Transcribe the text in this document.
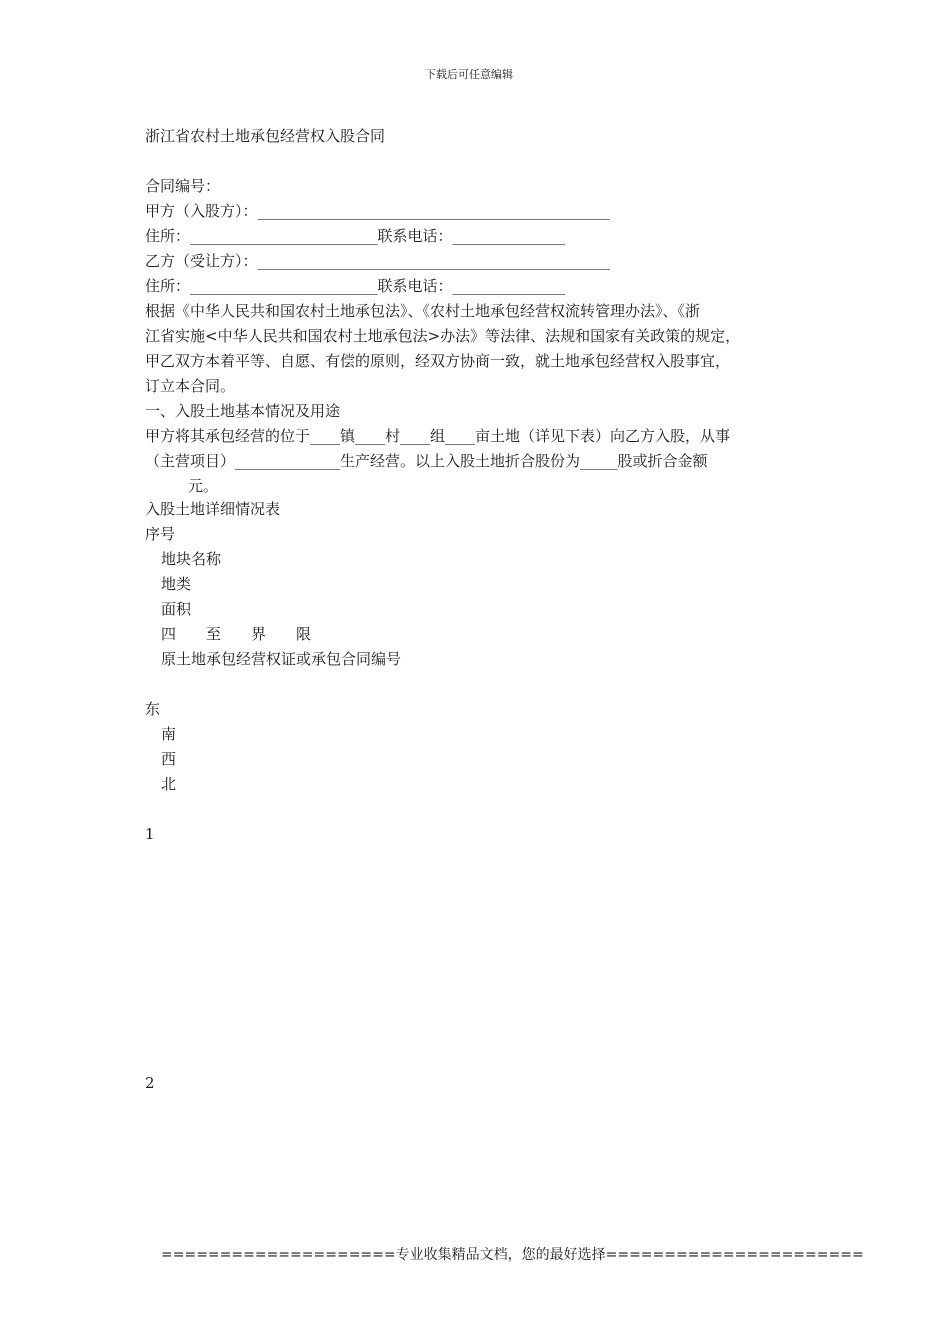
下载后可任意编辑
浙江省农村土地承包经营权入股合同
合同编号：
甲方（入股方）：_______________________________________________
住所：_________________________联系电话：_______________
乙方（受让方）：_______________________________________________
住所：_________________________联系电话：_______________
根据《中华人民共和国农村土地承包法》、《农村土地承包经营权流转管理办法》、《浙
江省实施<中华人民共和国农村土地承包法>办法》等法律、法规和国家有关政策的规定，
甲乙双方本着平等、自愿、有偿的原则，经双方协商一致，就土地承包经营权入股事宜，
订立本合同。
一、入股土地基本情况及用途
甲方将其承包经营的位于____镇____村____组____亩土地（详见下表）向乙方入股，从事
（主营项目）______________生产经营。以上入股土地折合股份为_____股或折合金额
元。
入股土地详细情况表
序号
地块名称
地类
面积
四　　至　　界　　限
原土地承包经营权证或承包合同编号
东
南
西
北
1
2
====================专业收集精品文档，您的最好选择======================
